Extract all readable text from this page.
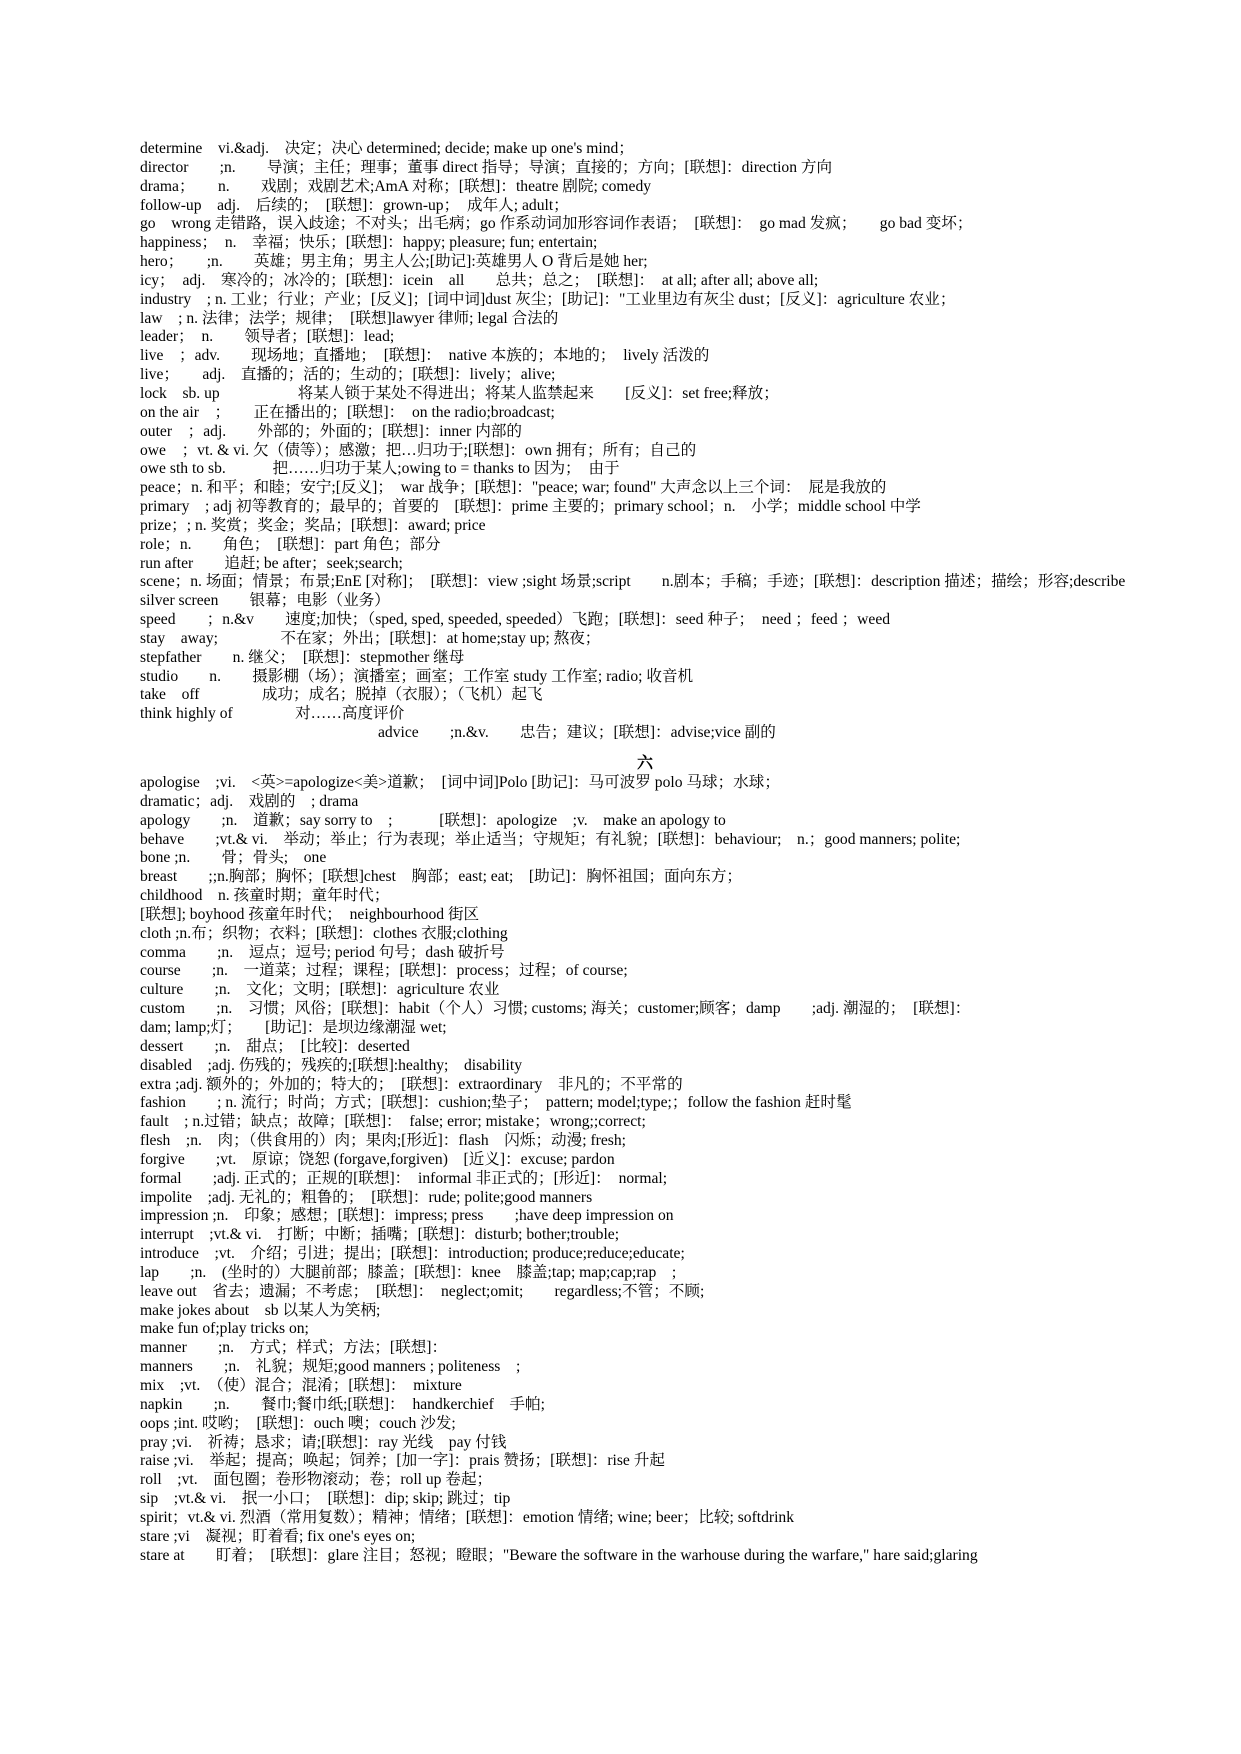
determine　vi.&adj.　决定；决心 determined; decide; make up one's mind；
director　　;n.　　导演；主任；理事；董事 direct 指导；导演；直接的；方向；[联想]：direction 方向
drama；　　n.　　戏剧；戏剧艺术;AmA 对称；[联想]：theatre 剧院; comedy
follow-up　adj.　后续的；　[联想]：grown-up；　成年人; adult；
go　wrong 走错路，误入歧途；不对头；出毛病；go 作系动词加形容词作表语；　[联想]：　go mad 发疯；　　go bad 变坏；
happiness；　n.　幸福；快乐；[联想]：happy; pleasure; fun; entertain;
hero；　　;n.　　英雄；男主角；男主人公;[助记]:英雄男人 O 背后是她 her;
icy；　adj.　寒冷的；冰冷的；[联想]：icein　all　　总共；总之；　[联想]：　at all; after all; above all;
industry　; n. 工业；行业；产业；[反义]；[词中词]dust 灰尘；[助记]："工业里边有灰尘 dust；[反义]：agriculture 农业；
law　; n. 法律；法学；规律；　[联想]lawyer 律师; legal 合法的
leader；　n.　　领导者；[联想]：lead;
live　；adv.　　现场地；直播地；　[联想]：　native 本族的；本地的；　lively 活泼的
live；　　adj.　直播的；活的；生动的；[联想]：lively；alive;
lock　sb. up　　　　　将某人锁于某处不得进出；将某人监禁起来　　[反义]：set free;释放；
on the air　；　　正在播出的；[联想]：　on the radio;broadcast;
outer　；adj.　　外部的；外面的；[联想]：inner 内部的
owe　；vt. & vi. 欠（债等）；感激；把…归功于;[联想]：own 拥有；所有；自己的
owe sth to sb.　　　把……归功于某人;owing to = thanks to 因为；　由于
peace；n. 和平；和睦；安宁;[反义]；　war 战争；[联想]："peace; war; found" 大声念以上三个词：　屁是我放的
primary　; adj 初等教育的；最早的；首要的　[联想]：prime 主要的；primary school；n.　小学；middle school 中学
prize；; n. 奖赏；奖金；奖品；[联想]：award; price
role；n.　　角色；　[联想]：part 角色；部分
run after　　追赶; be after；seek;search;
scene；n. 场面；情景；布景;EnE [对称]；　[联想]：view ;sight 场景;script　　n.剧本；手稿；手迹；[联想]：description 描述；描绘；形容;describe
silver screen　　银幕；电影（业务）
speed　　；n.&v　　速度;加快；（sped, sped, speeded, speeded）飞跑；[联想]：seed 种子；　need ；feed ；weed
stay　away;　　　　不在家；外出；[联想]：at home;stay up; 熬夜；
stepfather　　n. 继父；　[联想]：stepmother 继母
studio　　n.　　摄影棚（场）；演播室；画室；工作室 study 工作室; radio; 收音机
take　off　　　　成功；成名；脱掉（衣服）；（飞机）起飞
think highly of　　　　对……高度评价
advice　　;n.&v.　　忠告；建议；[联想]：advise;vice 副的
六
apologise　;vi.　<英>=apologize<美>道歉；　[词中词]Polo [助记]：马可波罗 polo 马球；水球；
dramatic；adj.　戏剧的　; drama
apology　　;n.　道歉；say sorry to　;　　　[联想]：apologize　;v.　make an apology to
behave　　;vt.& vi.　举动；举止；行为表现；举止适当；守规矩；有礼貌；[联想]：behaviour;　n.；good manners; polite;
bone ;n.　　骨；骨头;　one
breast　　;;n.胸部；胸怀；[联想]chest　胸部；east; eat;　[助记]：胸怀祖国；面向东方；
childhood　n. 孩童时期；童年时代；
[联想]; boyhood 孩童年时代；　neighbourhood 街区
cloth ;n.布；织物；衣料；[联想]：clothes 衣服;clothing
comma　　;n.　逗点；逗号; period 句号；dash 破折号
course　　;n.　一道菜；过程；课程；[联想]：process；过程；of course;
culture　　;n.　文化；文明；[联想]：agriculture 农业
custom　　;n.　习惯；风俗；[联想]：habit（个人）习惯; customs; 海关；customer;顾客；damp　　;adj. 潮湿的；　[联想]：
dam; lamp;灯；　　[助记]：是坝边缘潮湿 wet;
dessert　　;n.　甜点；　[比较]：deserted
disabled　;adj. 伤残的；残疾的;[联想]:healthy;　disability
extra ;adj. 额外的；外加的；特大的；　[联想]：extraordinary　非凡的；不平常的
fashion　　; n. 流行；时尚；方式；[联想]：cushion;垫子；　pattern; model;type;；follow the fashion 赶时髦
fault　; n.过错；缺点；故障；[联想]：　false; error; mistake；wrong;;correct;
flesh　;n.　肉；（供食用的）肉；果肉;[形近]：flash　闪烁；动漫; fresh;
forgive　　;vt.　原谅；饶恕 (forgave,forgiven)　[近义]：excuse; pardon
formal　　;adj. 正式的；正规的[联想]：　informal 非正式的；[形近]：　normal;
impolite　;adj. 无礼的；粗鲁的；　[联想]：rude; polite;good manners
impression ;n.　印象；感想；[联想]：impress; press　　;have deep impression on
interrupt　;vt.& vi.　打断；中断；插嘴；[联想]：disturb; bother;trouble;
introduce　;vt.　介绍；引进；提出；[联想]：introduction; produce;reduce;educate;
lap　　;n.　(坐时的）大腿前部；膝盖；[联想]：knee　膝盖;tap; map;cap;rap　;
leave out　省去；遗漏；不考虑；　[联想]：　neglect;omit;　　regardless;不管；不顾;
make jokes about　sb 以某人为笑柄;
make fun of;play tricks on;
manner　　;n.　方式；样式；方法；[联想]：
manners　　;n.　礼貌；规矩;good manners ; politeness　;
mix　;vt.　（使）混合；混淆；[联想]：　mixture
napkin　　;n.　　餐巾;餐巾纸;[联想]：　handkerchief　手帕;
oops ;int. 哎哟；　[联想]：ouch 噢；couch 沙发;
pray ;vi.　祈祷；恳求；请;[联想]：ray 光线　pay 付钱
raise ;vi.　举起；提高；唤起；饲养；[加一字]：prais 赞扬；[联想]：rise 升起
roll　;vt.　面包圈；卷形物滚动；卷；roll up 卷起；
sip　;vt.& vi.　抿一小口；　[联想]：dip; skip; 跳过；tip
spirit；vt.& vi. 烈酒（常用复数）；精神；情绪；[联想]：emotion 情绪; wine; beer；比较; softdrink
stare ;vi　凝视；盯着看; fix one's eyes on;
stare at　　盯着；　[联想]：glare 注目；怒视；瞪眼；"Beware the software in the warhouse during the warfare," hare said;glaring
